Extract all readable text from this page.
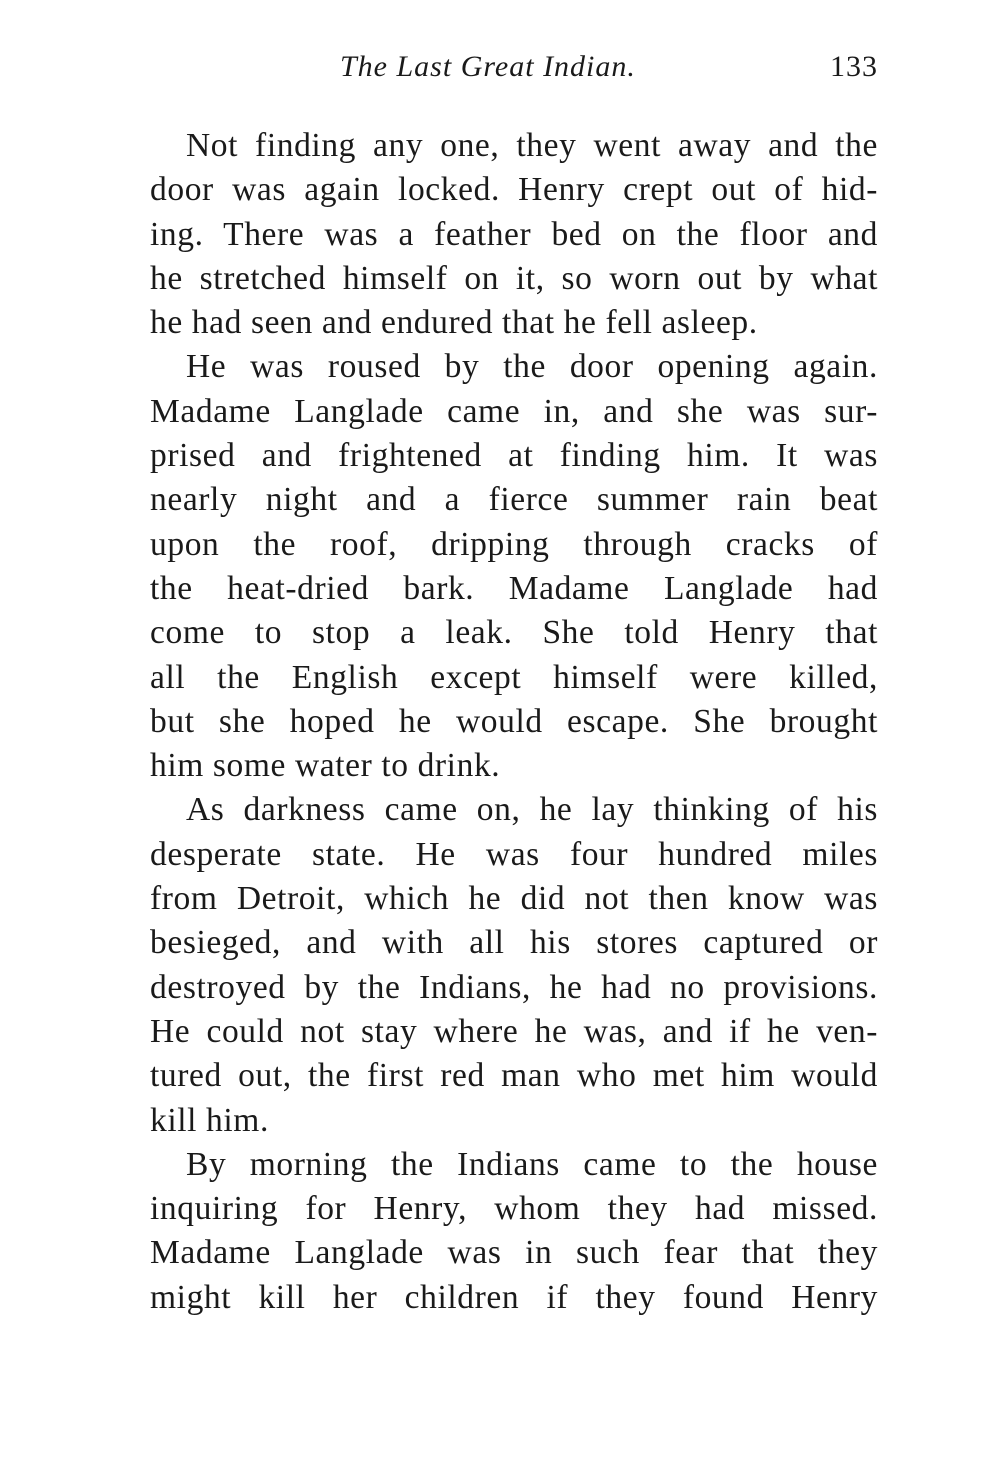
The Last Great Indian.	133
Not finding any one, they went away and the
door was again locked. Henry crept out of hid-
ing. There was a feather bed on the floor and
he stretched himself on it, so worn out by what
he had seen and endured that he fell asleep.
He was roused by the door opening again.
Madame Langlade came in, and she was sur-
prised and frightened at finding him. It was
nearly night and a fierce summer rain beat
upon the roof, dripping through cracks of
the heat-dried bark. Madame Langlade had
come to stop a leak. She told Henry that
all the English except himself were killed,
but she hoped he would escape. She brought
him some water to drink.
As darkness came on, he lay thinking of his
desperate state. He was four hundred miles
from Detroit, which he did not then know was
besieged, and with all his stores captured or
destroyed by the Indians, he had no provisions.
He could not stay where he was, and if he ven-
tured out, the first red man who met him would
kill him.
By morning the Indians came to the house
inquiring for Henry, whom they had missed.
Madame Langlade was in such fear that they
might kill her children if they found Henry
